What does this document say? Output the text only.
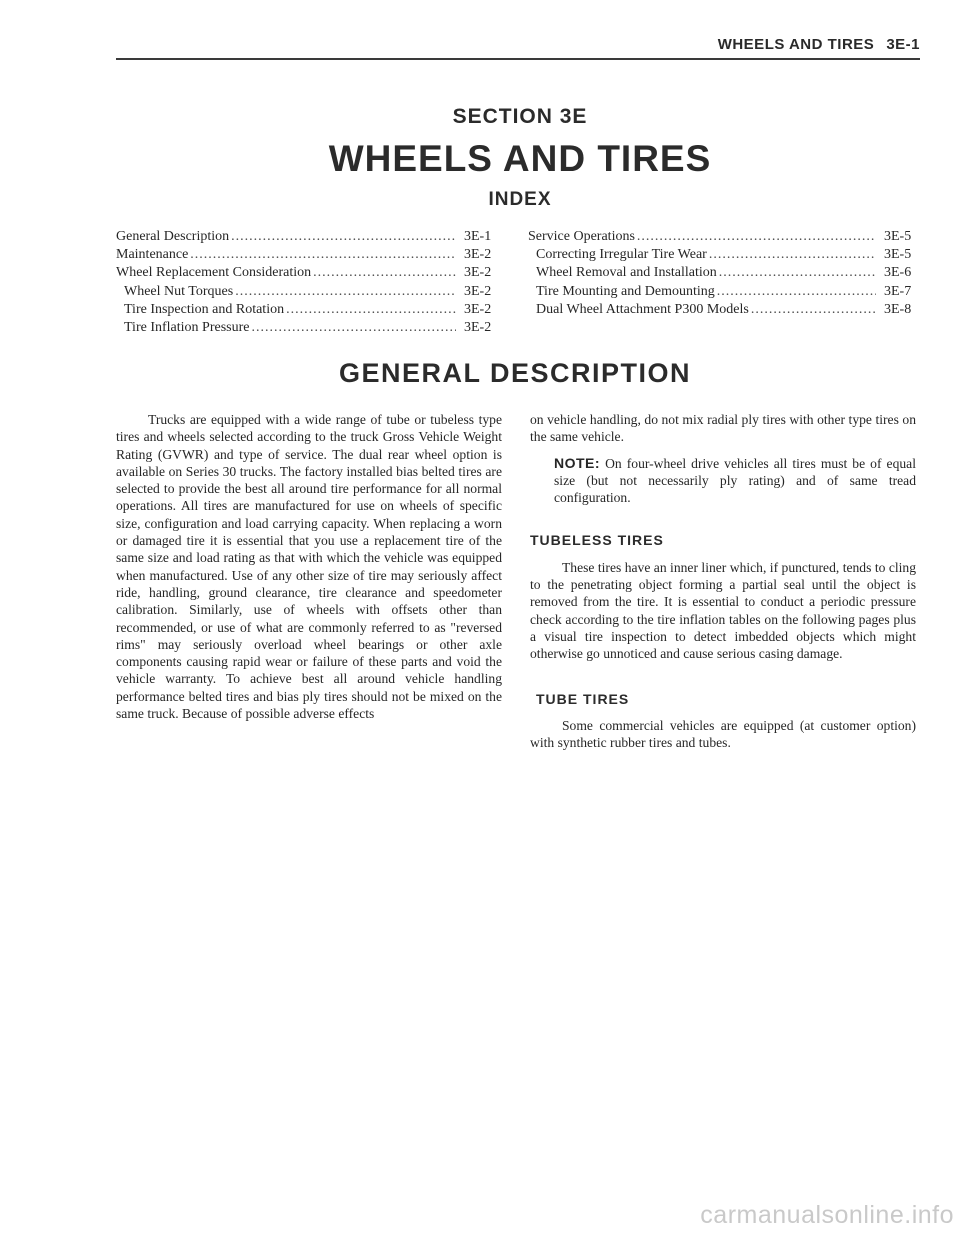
WHEELS AND TIRES 3E-1
SECTION 3E
WHEELS AND TIRES
INDEX
General Description .....	3E-1
Maintenance .....	3E-2
Wheel Replacement Consideration .....	3E-2
Wheel Nut Torques .....	3E-2
Tire Inspection and Rotation .....	3E-2
Tire Inflation Pressure .....	3E-2
Service Operations .....	3E-5
Correcting Irregular Tire Wear .....	3E-5
Wheel Removal and Installation .....	3E-6
Tire Mounting and Demounting .....	3E-7
Dual Wheel Attachment P300 Models .....	3E-8
GENERAL DESCRIPTION

Trucks are equipped with a wide range of tube or tubeless type tires and wheels selected according to the truck Gross Vehicle Weight Rating (GVWR) and type of service. The dual rear wheel option is available on Series 30 trucks. The factory installed bias belted tires are selected to provide the best all around tire performance for all normal operations. All tires are manufactured for use on wheels of specific size, configuration and load carrying capacity. When replacing a worn or damaged tire it is essential that you use a replacement tire of the same size and load rating as that with which the vehicle was equipped when manufactured. Use of any other size of tire may seriously affect ride, handling, ground clearance, tire clearance and speedometer calibration. Similarly, use of wheels with offsets other than recommended, or use of what are commonly referred to as "reversed rims" may seriously overload wheel bearings or other axle components causing rapid wear or failure of these parts and void the vehicle warranty. To achieve best all around vehicle handling performance belted tires and bias ply tires should not be mixed on the same truck. Because of possible adverse effects

on vehicle handling, do not mix radial ply tires with other type tires on the same vehicle.

NOTE: On four-wheel drive vehicles all tires must be of equal size (but not necessarily ply rating) and of same tread configuration.
TUBELESS TIRES

These tires have an inner liner which, if punctured, tends to cling to the penetrating object forming a partial seal until the object is removed from the tire. It is essential to conduct a periodic pressure check according to the tire inflation tables on the following pages plus a visual tire inspection to detect imbedded objects which might otherwise go unnoticed and cause serious casing damage.

TUBE TIRES

Some commercial vehicles are equipped (at customer option) with synthetic rubber tires and tubes.

carmanualsonline.info
